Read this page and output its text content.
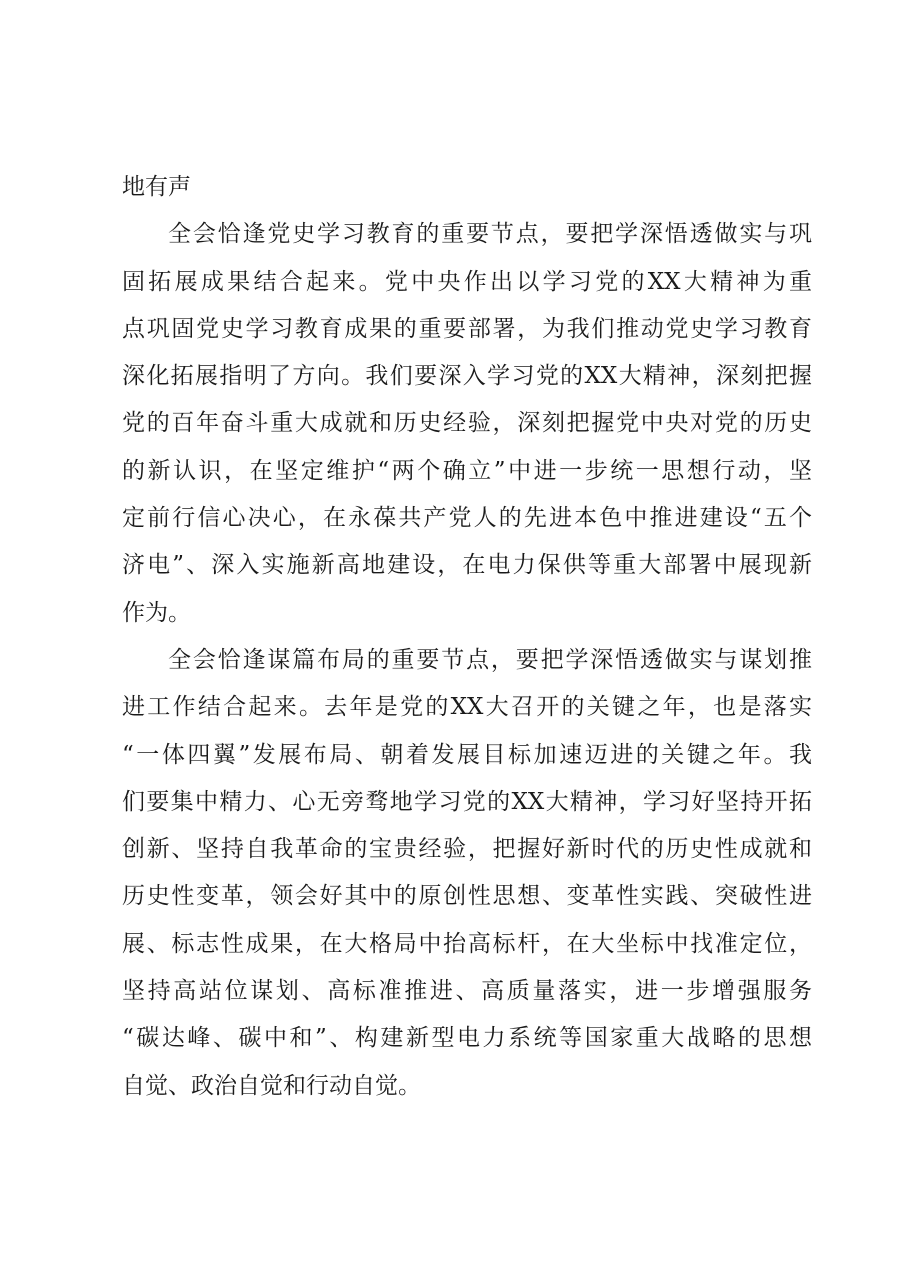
地有声
全会恰逢党史学习教育的重要节点，要把学深悟透做实与巩
固拓展成果结合起来。党中央作出以学习党的XX大精神为重
点巩固党史学习教育成果的重要部署，为我们推动党史学习教育
深化拓展指明了方向。我们要深入学习党的XX大精神，深刻把握
党的百年奋斗重大成就和历史经验，深刻把握党中央对党的历史
的新认识，在坚定维护“两个确立”中进一步统一思想行动，坚
定前行信心决心，在永葆共产党人的先进本色中推进建设“五个
济电”、深入实施新高地建设，在电力保供等重大部署中展现新
作为。
全会恰逢谋篇布局的重要节点，要把学深悟透做实与谋划推
进工作结合起来。去年是党的XX大召开的关键之年，也是落实
“一体四翼”发展布局、朝着发展目标加速迈进的关键之年。我
们要集中精力、心无旁骛地学习党的XX大精神，学习好坚持开拓
创新、坚持自我革命的宝贵经验，把握好新时代的历史性成就和
历史性变革，领会好其中的原创性思想、变革性实践、突破性进
展、标志性成果，在大格局中抬高标杆，在大坐标中找准定位，
坚持高站位谋划、高标准推进、高质量落实，进一步增强服务
“碳达峰、碳中和”、构建新型电力系统等国家重大战略的思想
自觉、政治自觉和行动自觉。
